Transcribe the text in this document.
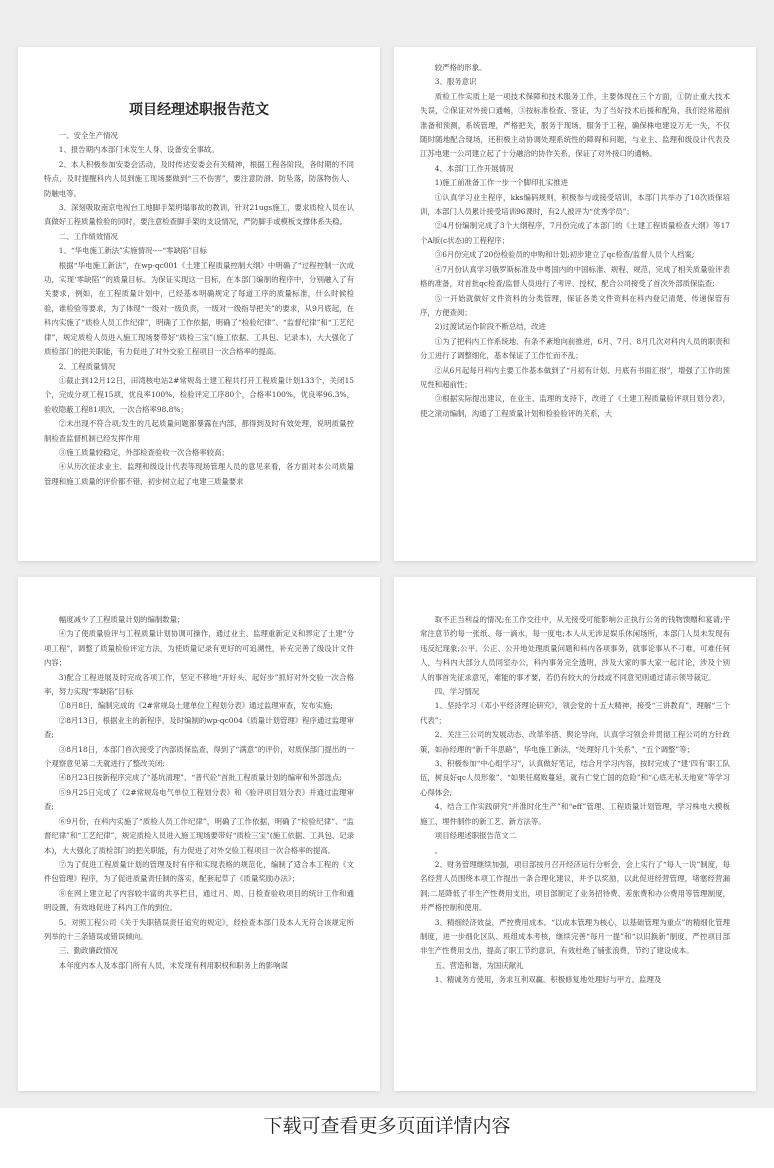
项目经理述职报告范文

一、安全生产情况

1、报告期内本部门未发生人身、设备安全事故。

2、本人积极参加安委会活动，及时传达安委会有关精神，根据工程各阶段，各时期的不同特点，及时提醒科内人员到施工现场要做到“三不伤害”，要注意防滑、防坠落，防落物伤人、防触电等。

3、深刻吸取南京电视台工地脚手架坍塌事故的教训，针对21ugs施工，要求质检人员在认真做好工程质量检验的同时，要注意检查脚手架的支设情况，严防脚手或模板支撑体系失稳。

二、工作绩效情况

1、“华电施工新法”实施情况----“零缺陷”目标

根据“华电施工新法”，在wp-qc001《土建工程质量控制大纲》中明确了“过程控制一次成功，实现‘零缺陷’”的质量目标。为保证实现这一目标，在本部门编制的程序中，分别融入了有关要求，例如，在工程质量计划中，已经基本明确规定了每道工序的质量标准，什么时候检验，谁检验等要求，为了体现“一级对一级负责，一级对一级指导把关”的要求，从9月底起，在科内实施了“质检人员工作纪律”，明确了工作依据，明确了“检验纪律”、“监督纪律”和“工艺纪律”，规定质检人员进入施工现场要带好“质检三宝”(施工依据、工具包、记录本)，大大强化了质检部门的把关职能，有力促进了对外交验工程项目一次合格率的提高。

2、工程质量情况

①截止到12月12日，田湾核电站2#常规岛土建工程共打开工程质量计划133个，关闭15个，完成分项工程15项，优良率100%，检验评定工序80个，合格率100%，优良率96.3%，验收隐蔽工程81项次，一次合格率98.8%；

②未出现不符合项;发生的几起质量问题都暴露在内部，都得到及时有效处理，说明质量控制检查监督机制已经发挥作用

③施工质量较稳定，外部检查验收一次合格率较高；

④从历次征求业主、监理和级设计代表等现场管理人员的意见来看，各方面对本公司质量管理和施工质量的评价都不错，初步树立起了电建三质量要求

较严格的形象。

3、服务意识

质检工作实质上是一项技术保障和技术服务工作，主要体现在三个方面，①防止重大技术失误，②保证对外接口通畅，③按标准检查、签证，为了当好技术后援和配角，我们经常超前准备和预测，系统管理，严格把关，服务于现场，服务于工程，确保株电建设万无一失，不仅随时随地配合现场，还积极主动协调处理系统性的障碍和问题，与业主、监理和级设计代表及江苏电建一公司建立起了十分融洽的协作关系，保证了对外接口的通畅。

4、本部门工作开展情况

1)施工前准备工作一步一个脚印扎实推进

①认真学习业主程序，kks编码规则，积极参与或接受培训，本部门共举办了10次质保培训，本部门人员累计接受培训96课时，有2人被评为“优秀学员”；

②4月份编制完成了3个大纲程序，7月份完成了本部门的《土建工程质量检查大纲》等17个A版(c状态)的工程程序；

③6月份完成了20份检验员的申购和计划;初步建立了qc检查/监督人员个人档案;

④7月份认真学习俄罗斯标准及中粤国内的中国标准、规程、规范，完成了相关质量验评表格的准备，对首批qc检查/监督人员进行了考评、授权，配合公司接受了首次外部质保监查;

⑤一开始就做好文件资料的分类管理，保证各类文件资料在科内登记清楚、传递保管有序，方便查阅；

2)过渡试运作阶段不断总结，改进

①为了把科内工作系统地、有条不紊地向前推进，6月、7月、8月几次对科内人员的职责和分工进行了调整细化，基本保证了工作忙而不乱；

②从6月起每月科内主要工作基本做到了“月初有计划、月底有书面汇报”，增强了工作的预见性和超前性；

③根据实际提出建议，在业主、监理的支持下，改进了《土建工程质量验评项目划分表》，使之滚动编制，沟通了工程质量计划和检验验评的关系，大

幅度减少了工程质量计划的编制数量；

④为了使质量验评与工程质量计划协调可操作，通过业主、监理重新定义和界定了土建“分项工程”，调整了质量检验评定方法，为使质量记录有更好的可追溯性，补充完善了级设计文件内容；

3)配合工程进展及时完成各项工作，坚定不移地“开好头、起好步”抓好对外交验一次合格率，努力实现“零缺陷”目标

①8月8日，编制完成的《2#常规岛土建单位工程划分表》通过监理审查，发布实施;

②8月13日，根据业主的新程序，及时编制的wp-qc004《质量计划管理》程序通过监理审查;

③8月18日，本部门首次接受了内部质保监查，得到了“满意”的评价，对质保部门提出的一个观察意见第二天就进行了整改关闭;

④8月23日按新程序完成了“基坑清理”、“普代砼”首批工程质量计划的编审和外部选点;

⑤9月25日完成了《2#常规岛电气单位工程划分表》和《验评项目划分表》并通过监理审查;

⑥9月份，在科内实施了“质检人员工作纪律”，明确了工作依据，明确了“检验纪律”、“监督纪律”和“工艺纪律”，规定质检人员进入施工现场要带好“质检三宝”(施工依据、工具包、记录本)，大大强化了质检部门的把关职能，有力促进了对外交验工程项目一次合格率的提高。

⑦为了促进工程质量计划的管理及时有序和实现表格的规范化，编制了适合本工程的《文件包管理》程序，为了促进质量责任制的落实，配套起草了《质量奖励办法》；

⑧在网上建立起了内容较丰富的共享栏目，通过月、周、日检查验收项目的统计工作和通明设置，有效地促进了科内工作的到位。

5、对照工程公司《关于失职错误责任追究的规定》，经检查本部门及本人无符合该规定所列举的十三条错误或错误倾向。

三、勤政廉政情况

本年度内本人及本部门所有人员，未发现有利用职权和职务上的影响谋

取不正当利益的情况;在工作交往中，从无接受可能影响公正执行公务的钱物馈赠和宴请;平常注意节约每一张纸、每一滴水，每一度电;本人从无涉足娱乐休闲场所，本部门人员未发现有违反纪现象;公平、公正、公开地处理质量问题和科内各项事务，就事论事从不刁难。可难任何人，与科内大部分人员同室办公，科内事务完全透明，涉及大家的事大家一起讨论，涉及个别人的事首先征求意见，难能的事才要，若仍有较大的分歧或不同意见则通过请示领导裁定。

四、学习情况

1、坚持学习《邓小平经济理论研究》，领会党的十五大精神，接受“三讲教育”，理解“三个代表”；

2、关注三公司的发展动态、改革举措、舆论导向，认真学习领会并贯彻工程公司的方针政策，如孙经理的“新千年思路”，华电施工新法、“处理好几个关系”、“五个调整”等；

3、积极参加“中心组学习”，认真做好笔记，结合月学习内容，按时完成了“建‘四有’职工队伍，树良好qc人员形象”、“如果任腐败蔓延，就有亡党亡国的危险”和“心底无私天地宽”等学习心得体会;

4、结合工作实践研究“并准时化生产”和“eff”管理、工程质量计划管理，学习株电大模板施工、埋件制作的新工艺、新方法等。

项目经理述职报告范文二

。

2、财务管理继续加强，项目部按月召开经济运行分析会，会上实行了“每人一说”制度，每名经营人员围绕本项工作提出一条合理化建议，并予以奖励，以此促进经营管理，堵塞经营漏洞;二是降低了非生产性费用支出，项目部制定了业务招待费、差旅费和办公费用等管理制度，并严格控制和使用。

3、精细经济效益，严控费用成本。“以成本管理为核心，以基础管理为重点”的精细化管理制度，进一步细化区队、班组成本考核，继续完善“每月一提”和“以旧换新”制度，严控项目部非生产性费用支出，提高了职工节约意识，有效杜绝了铺张浪费，节约了建设成本。

五、营造和谐，为国庆献礼

1、精诚务方使用，务求互利双赢。积极修复地处理好与甲方、监理及

下载可查看更多页面详情内容
